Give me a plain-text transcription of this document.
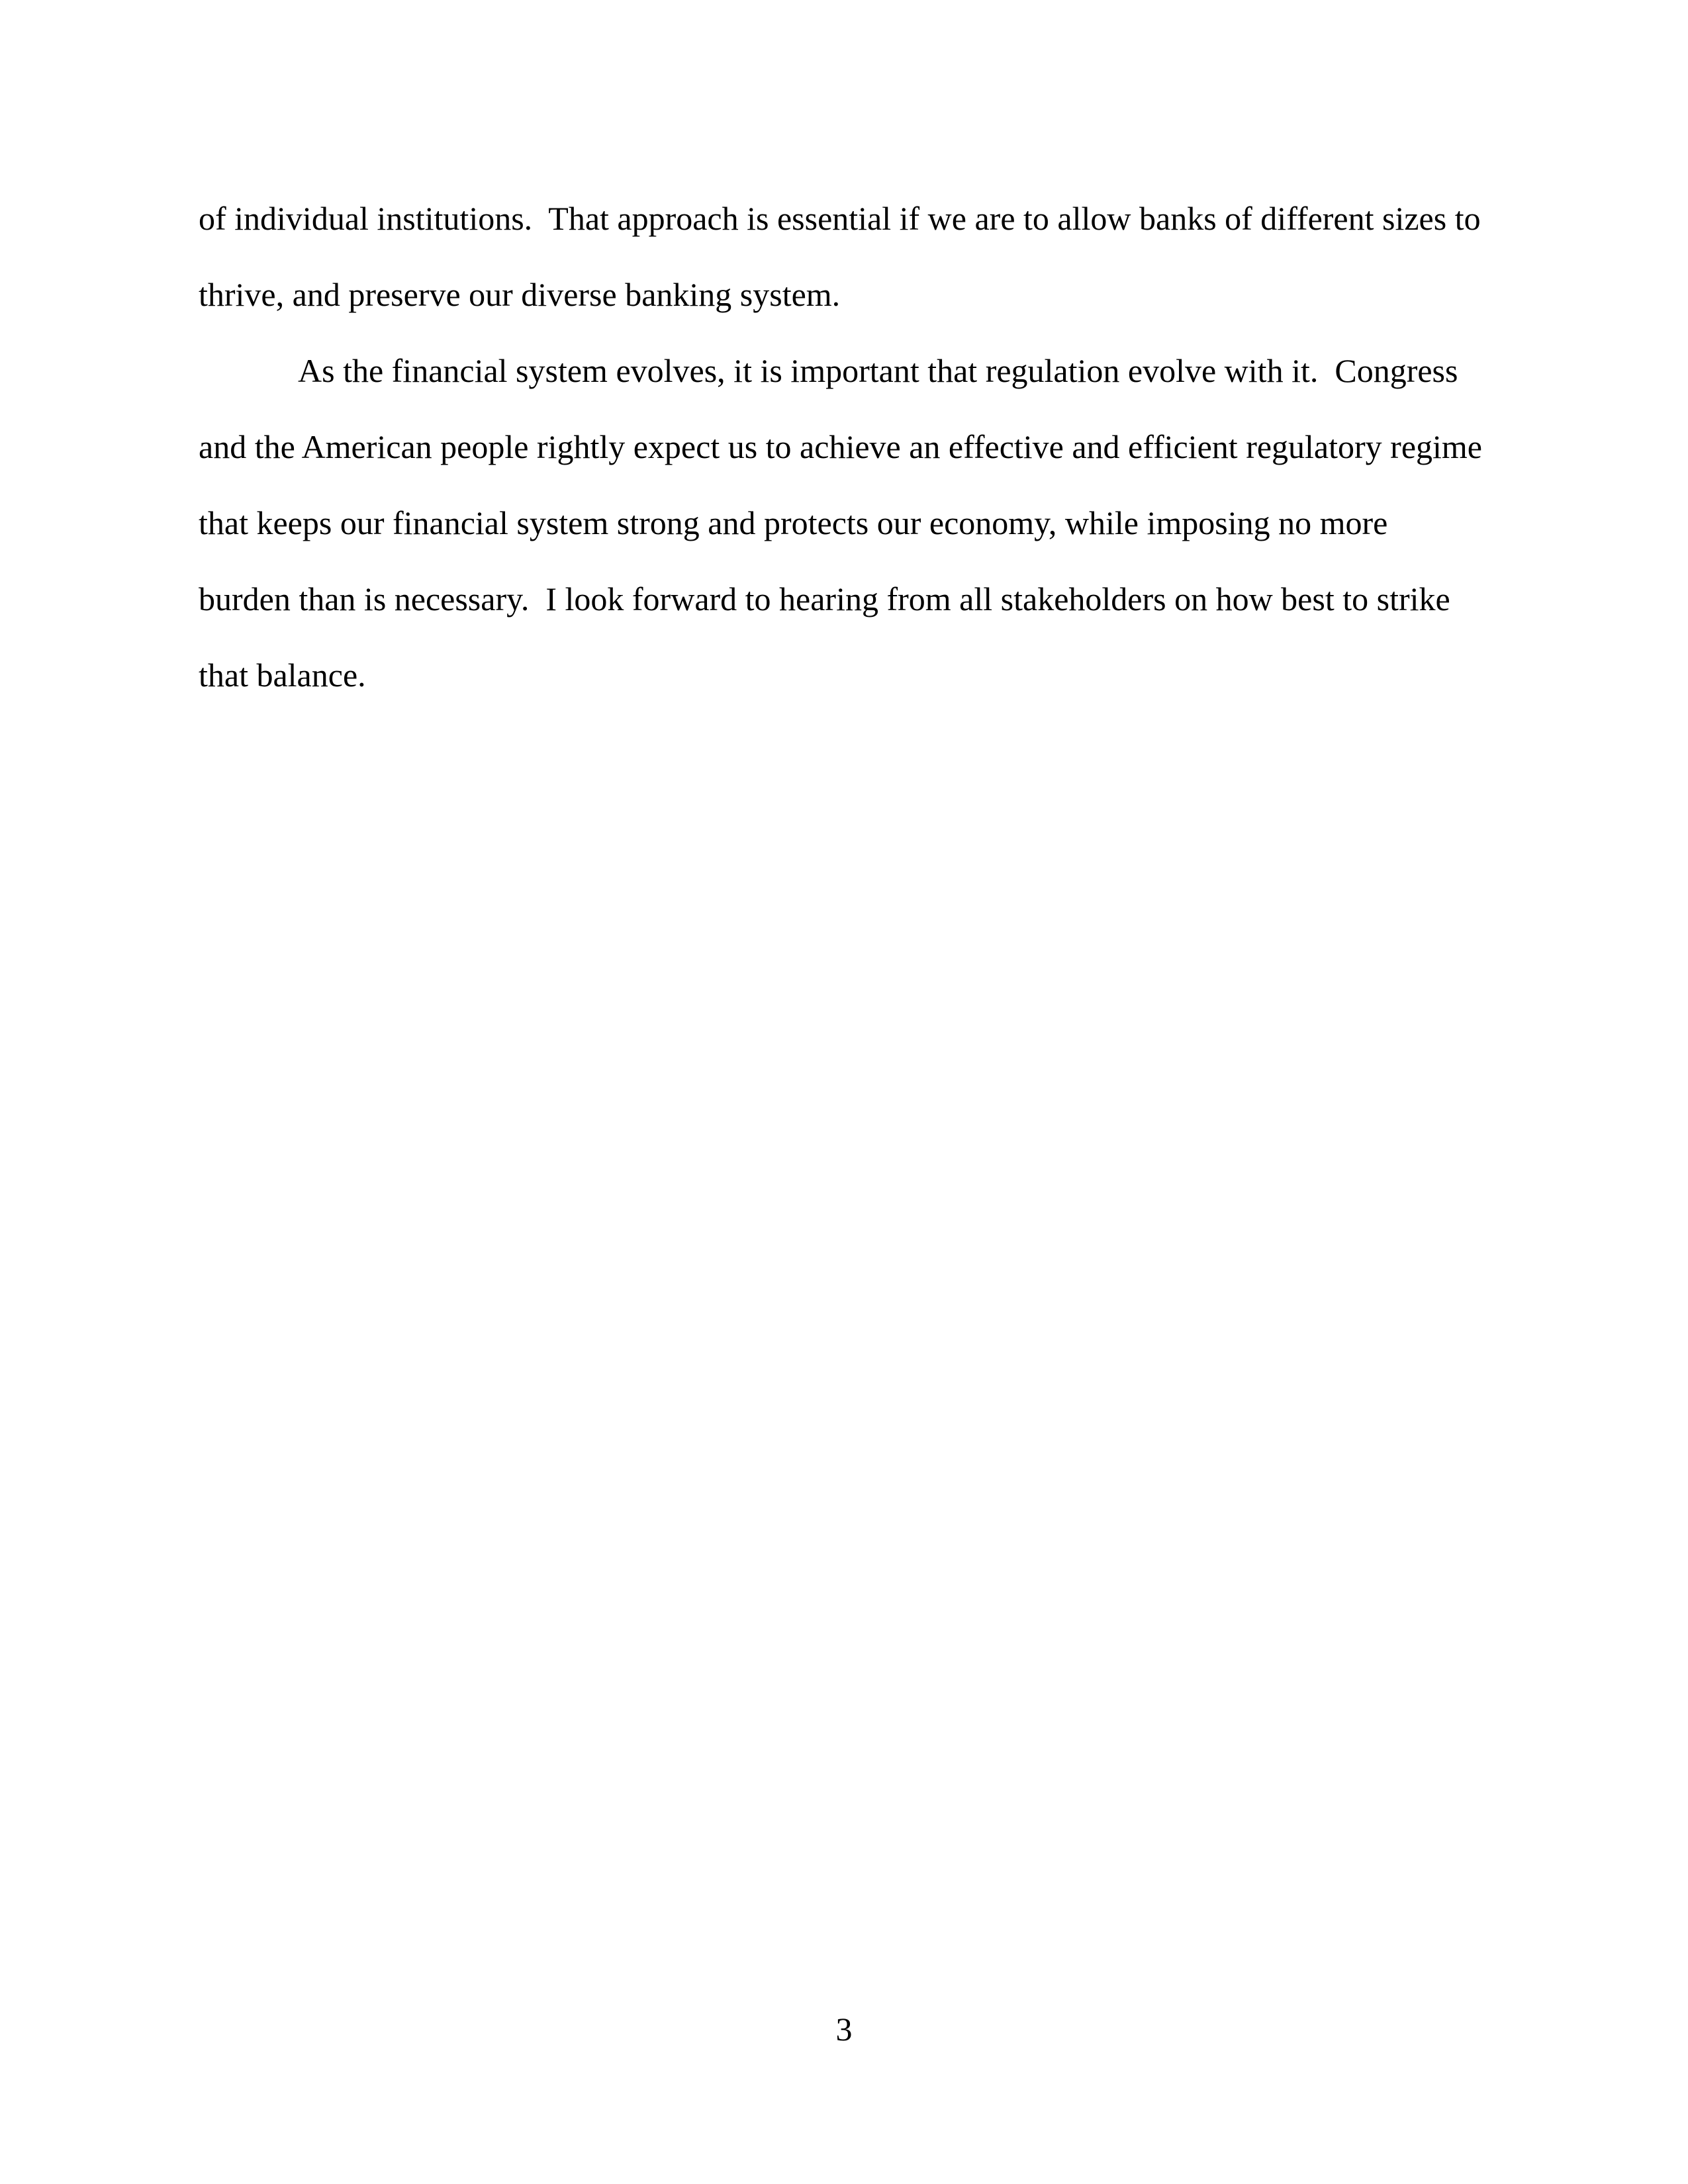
of individual institutions.  That approach is essential if we are to allow banks of different sizes to

thrive, and preserve our diverse banking system.

As the financial system evolves, it is important that regulation evolve with it.  Congress

and the American people rightly expect us to achieve an effective and efficient regulatory regime

that keeps our financial system strong and protects our economy, while imposing no more

burden than is necessary.  I look forward to hearing from all stakeholders on how best to strike

that balance.

3
